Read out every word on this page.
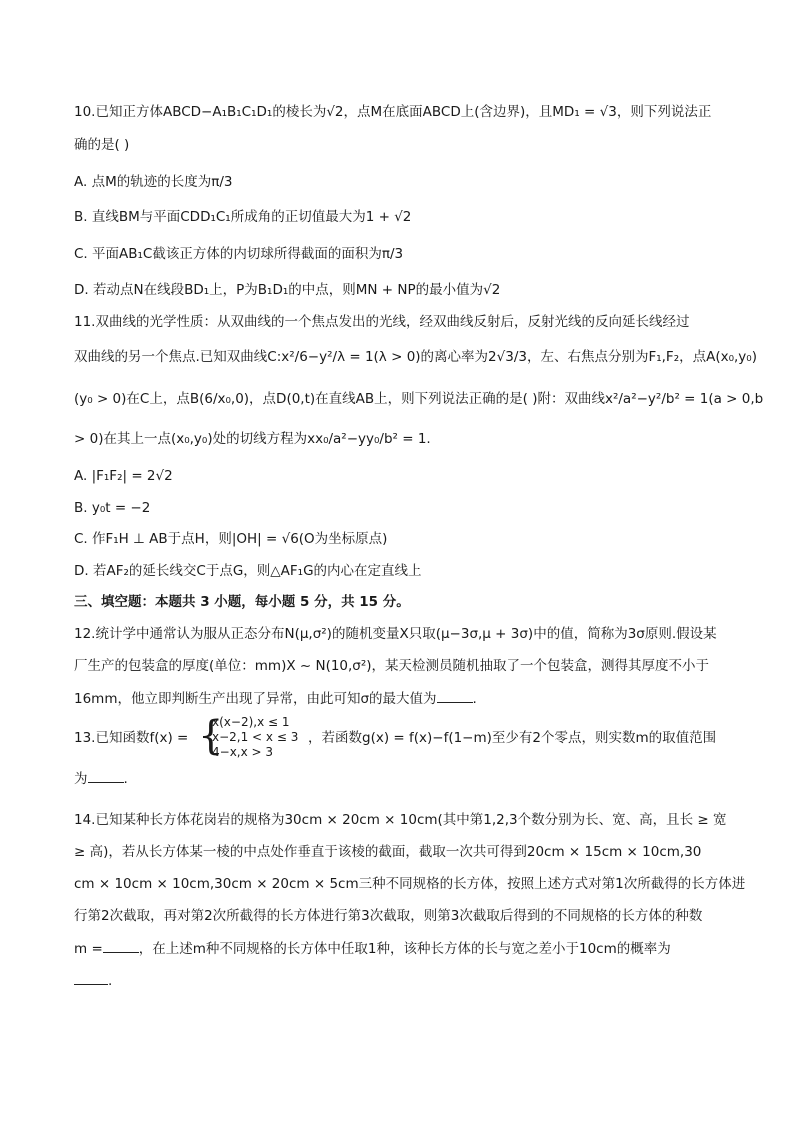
10.已知正方体ABCD−A₁B₁C₁D₁的棱长为√2，点M在底面ABCD上(含边界)，且MD₁ = √3，则下列说法正
确的是( )
A. 点M的轨迹的长度为π/3
B. 直线BM与平面CDD₁C₁所成角的正切值最大为1 + √2
C. 平面AB₁C截该正方体的内切球所得截面的面积为π/3
D. 若动点N在线段BD₁上，P为B₁D₁的中点，则MN + NP的最小值为√2
11.双曲线的光学性质：从双曲线的一个焦点发出的光线，经双曲线反射后，反射光线的反向延长线经过
双曲线的另一个焦点.已知双曲线C:x²/6−y²/λ = 1(λ > 0)的离心率为2√3/3，左、右焦点分别为F₁,F₂，点A(x₀,y₀)
(y₀ > 0)在C上，点B(6/x₀,0)，点D(0,t)在直线AB上，则下列说法正确的是( )附：双曲线x²/a²−y²/b² = 1(a > 0,b
> 0)在其上一点(x₀,y₀)处的切线方程为xx₀/a²−yy₀/b² = 1.
A. |F₁F₂| = 2√2
B. y₀t = −2
C. 作F₁H ⊥ AB于点H，则|OH| = √6(O为坐标原点)
D. 若AF₂的延长线交C于点G，则△AF₁G的内心在定直线上
三、填空题：本题共 3 小题，每小题 5 分，共 15 分。
12.统计学中通常认为服从正态分布N(μ,σ²)的随机变量X只取(μ−3σ,μ + 3σ)中的值，简称为3σ原则.假设某
厂生产的包装盒的厚度(单位：mm)X ~ N(10,σ²)，某天检测员随机抽取了一个包装盒，测得其厚度不小于
16mm，他立即判断生产出现了异常，由此可知σ的最大值为	.
13.已知函数f(x) = {
x(x−2),x ≤ 1
x−2,1 < x ≤ 3
4−x,x > 3
，若函数g(x) = f(x)−f(1−m)至少有2个零点，则实数m的取值范围
为	.
14.已知某种长方体花岗岩的规格为30cm × 20cm × 10cm(其中第1,2,3个数分别为长、宽、高，且长 ≥ 宽
≥ 高)，若从长方体某一棱的中点处作垂直于该棱的截面，截取一次共可得到20cm × 15cm × 10cm,30
cm × 10cm × 10cm,30cm × 20cm × 5cm三种不同规格的长方体，按照上述方式对第1次所截得的长方体进
行第2次截取，再对第2次所截得的长方体进行第3次截取，则第3次截取后得到的不同规格的长方体的种数
m =	，在上述m种不同规格的长方体中任取1种，该种长方体的长与宽之差小于10cm的概率为
.
